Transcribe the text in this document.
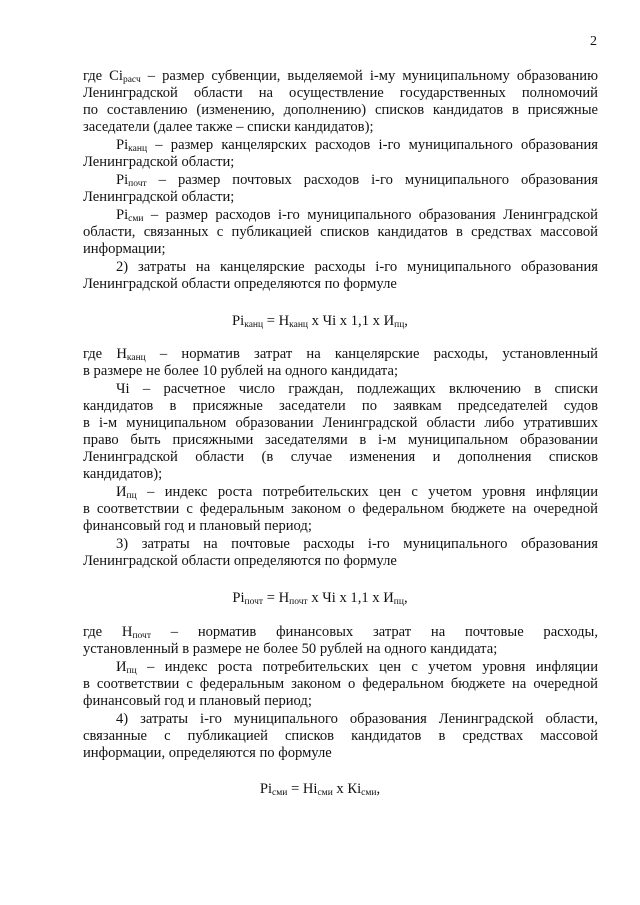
2
где $Ci_{расч}$ – размер субвенции, выделяемой i-му муниципальному образованию
Ленинградской области на осуществление государственных полномочий
по составлению (изменению, дополнению) списков кандидатов в присяжные
заседатели (далее также – списки кандидатов);
$Pi_{канц}$ – размер канцелярских расходов i-го муниципального образования
Ленинградской области;
$Pi_{почт}$ – размер почтовых расходов i-го муниципального образования
Ленинградской области;
$Pi_{сми}$ – размер расходов i-го муниципального образования Ленинградской
области, связанных с публикацией списков кандидатов в средствах массовой
информации;
2) затраты на канцелярские расходы i-го муниципального образования
Ленинградской области определяются по формуле
$Pi_{канц} = Н_{канц}$ х Чi х 1,1 х $И_{пц}$,
где $Н_{канц}$ – норматив затрат на канцелярские расходы, установленный
в размере не более 10 рублей на одного кандидата;
Чi – расчетное число граждан, подлежащих включению в списки
кандидатов в присяжные заседатели по заявкам председателей судов
в i-м муниципальном образовании Ленинградской области либо утративших
право быть присяжными заседателями в i-м муниципальном образовании
Ленинградской области (в случае изменения и дополнения списков
кандидатов);
$И_{пц}$ – индекс роста потребительских цен с учетом уровня инфляции
в соответствии с федеральным законом о федеральном бюджете на очередной
финансовый год и плановый период;
3) затраты на почтовые расходы i-го муниципального образования
Ленинградской области определяются по формуле
$Pi_{почт} = Н_{почт}$ х Чi х 1,1 х $И_{пц}$,
где $Н_{почт}$ – норматив финансовых затрат на почтовые расходы,
установленный в размере не более 50 рублей на одного кандидата;
$И_{пц}$ – индекс роста потребительских цен с учетом уровня инфляции
в соответствии с федеральным законом о федеральном бюджете на очередной
финансовый год и плановый период;
4) затраты i-го муниципального образования Ленинградской области,
связанные с публикацией списков кандидатов в средствах массовой
информации, определяются по формуле
$Pi_{сми} = Нi_{сми}$ х $Кi_{сми}$,
